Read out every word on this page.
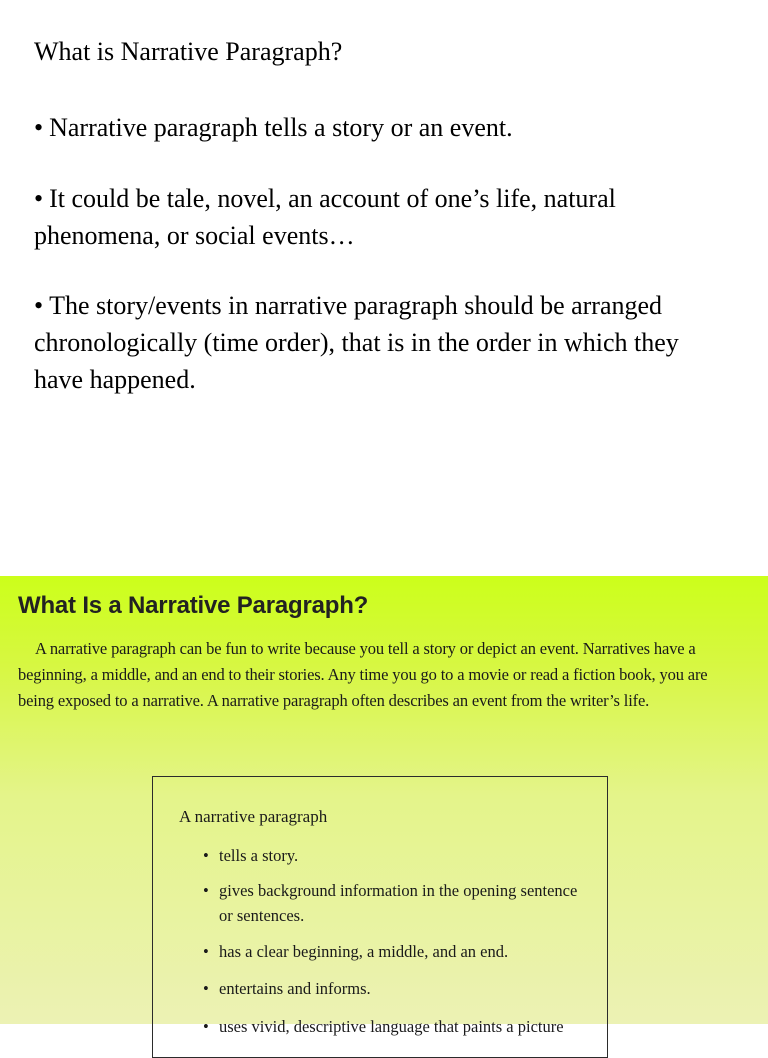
What is Narrative Paragraph?
• Narrative paragraph tells a story or an event.
• It could be tale, novel, an account of one’s life, natural phenomena, or social events…
• The story/events in narrative paragraph should be arranged chronologically (time order), that is in the order in which they have happened.
What Is a Narrative Paragraph?
A narrative paragraph can be fun to write because you tell a story or depict an event. Narratives have a beginning, a middle, and an end to their stories. Any time you go to a movie or read a fiction book, you are being exposed to a narrative. A narrative paragraph often describes an event from the writer’s life.
A narrative paragraph
• tells a story.
• gives background information in the opening sentence or sentences.
• has a clear beginning, a middle, and an end.
• entertains and informs.
• uses vivid, descriptive language that paints a picture
